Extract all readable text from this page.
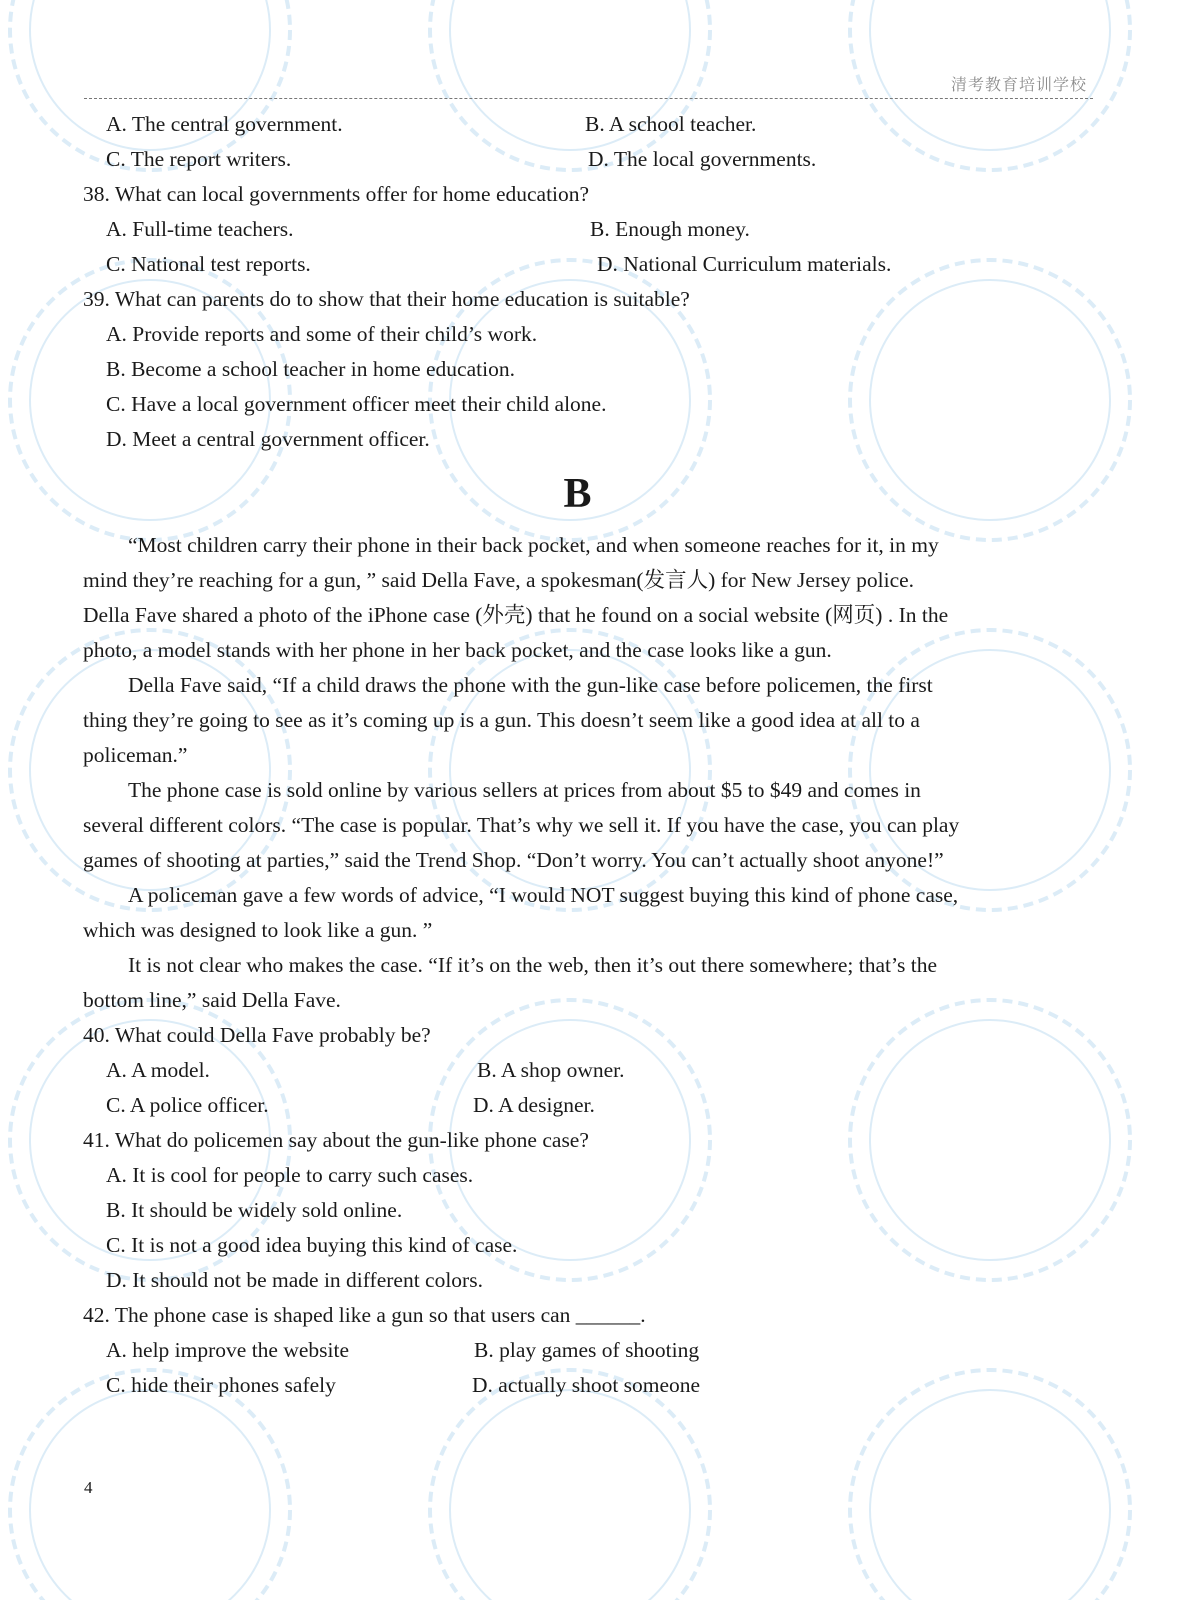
清考教育培训学校
A. The central government.	B. A school teacher.
C. The report writers.	D. The local governments.
38. What can local governments offer for home education?
A. Full-time teachers.	B. Enough money.
C. National test reports.	D. National Curriculum materials.
39. What can parents do to show that their home education is suitable?
A. Provide reports and some of their child’s work.
B. Become a school teacher in home education.
C. Have a local government officer meet their child alone.
D. Meet a central government officer.
B
“Most children carry their phone in their back pocket, and when someone reaches for it, in my
mind they’re reaching for a gun, ” said Della Fave, a spokesman(发言人) for New Jersey police.
Della Fave shared a photo of the iPhone case (外壳) that he found on a social website (网页) . In the
photo, a model stands with her phone in her back pocket, and the case looks like a gun.
Della Fave said, “If a child draws the phone with the gun-like case before policemen, the first
thing they’re going to see as it’s coming up is a gun. This doesn’t seem like a good idea at all to a
policeman.”
The phone case is sold online by various sellers at prices from about $5 to $49 and comes in
several different colors. “The case is popular. That’s why we sell it. If you have the case, you can play
games of shooting at parties,” said the Trend Shop. “Don’t worry. You can’t actually shoot anyone!”
A policeman gave a few words of advice, “I would NOT suggest buying this kind of phone case,
which was designed to look like a gun. ”
It is not clear who makes the case. “If it’s on the web, then it’s out there somewhere; that’s the
bottom line,” said Della Fave.
40. What could Della Fave probably be?
A. A model.	B. A shop owner.
C. A police officer.	D. A designer.
41. What do policemen say about the gun-like phone case?
A. It is cool for people to carry such cases.
B. It should be widely sold online.
C. It is not a good idea buying this kind of case.
D. It should not be made in different colors.
42. The phone case is shaped like a gun so that users can ______.
A. help improve the website	B. play games of shooting
C. hide their phones safely	D. actually shoot someone
4
